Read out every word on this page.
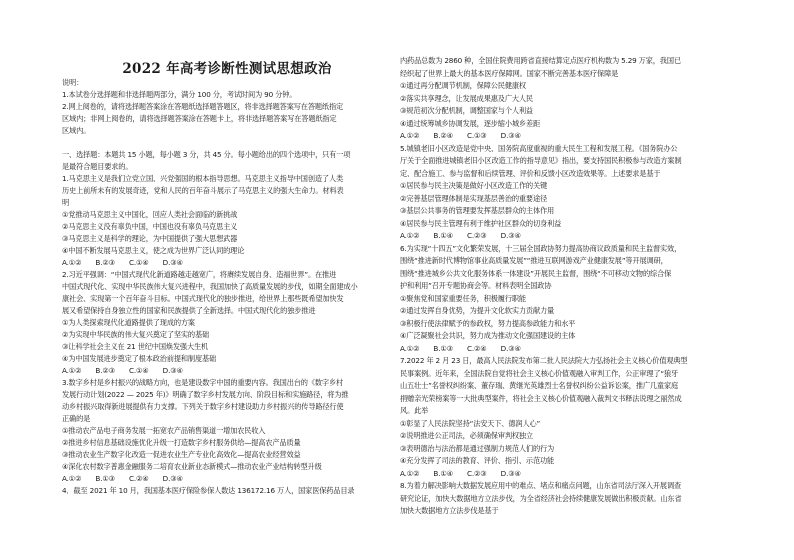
2022 年高考诊断性测试思想政治
说明：
1.本试卷分选择题和非选择题两部分，满分 100 分，考试时间为 90 分钟。
2.网上阅卷的，请将选择题答案涂在答题纸选择题答题区，将非选择题答案写在答题纸指定
区域内；非网上阅卷的，请将选择题答案涂在答题卡上，将非选择题答案写在答题纸指定
区域内。
一、选择题：本题共 15 小题，每小题 3 分，共 45 分。每小题给出的四个选项中，只有一项
是最符合题目要求的。
1.马克思主义是我们立党立国、兴党强国的根本指导思想。马克思主义指导中国创造了人类
历史上前所未有的发展奇迹，党和人民的百年奋斗展示了马克思主义的强大生命力。材料表
明
①党推动马克思主义中国化，回应人类社会面临的新挑战
②马克思主义没有辜负中国，中国也没有辜负马克思主义
③马克思主义是科学的理论，为中国提供了强大思想武器
④中国不断发展马克思主义，使之成为世界广泛认同的理论
A.①②　　B.②③　　C.①④　　D.③④
2.习近平强调：“中国式现代化新道路越走越宽广，将赓续发展自身、造福世界”。在推进
中国式现代化、实现中华民族伟大复兴进程中，我国加快了高质量发展的步伐，如期全面建成小
康社会、实现第一个百年奋斗目标。中国式现代化的独步推进，给世界上那些既希望加快发
展又希望保持自身独立性的国家和民族提供了全新选择。中国式现代化的独步推进
①为人类探索现代化道路提供了现成的方案
②为实现中华民族的伟大复兴奠定了坚实的基础
③让科学社会主义在 21 世纪中国焕发强大生机
④为中国发展进步奠定了根本政治前提和制度基础
A.①②　　B.②③　　C.①④　　D.③④
3.数字乡村是乡村振兴的战略方向，也是建设数字中国的重要内容。我国出台的《数字乡村
发展行动计划(2022 — 2025 年)》明确了数字乡村发展方向、阶段目标和实施路径，将为推
动乡村振兴取得新进展提供有力支撑。下列关于数字乡村建设助力乡村振兴的传导路径行使
正确的是
①推动农产品电子商务发展一拓宽农产品销售渠道一增加农民收入
②推进乡村信息基础设施优化升级一打造数字乡村服务供给—提高农产品质量
③推动农业生产数字化改造一促进农业生产专业化高效化—提高农业经营效益
④深化农村数字普惠金融服务二培育农业新业态新模式—推动农业产业结构转型升级
A.①②　　B.①③　　C.②④　　D.③④
4．截至 2021 年 10 月，我国基本医疗保险参保人数达 136172.16 万人，国家医保药品目录
内药品总数为 2860 种，全国住院费用跨省直接结算定点医疗机构数为 5.29 万家，我国已
经织起了世界上最大的基本医疗保障网。国家不断完善基本医疗保障是
①通过再分配调节机制，保障公民健康权
②落实共享理念，让发展成果惠及广大人民
③规范初次分配机制，调整国家与个人利益
④通过统筹城乡协调发展，逐步缩小城乡差距
A.①②　　B.②④　　C.①③　　D.③④
5.城镇老旧小区改造是党中央、国务院高度重视的重大民生工程和发展工程。《国务院办公
厅关于全面推进城镇老旧小区改造工作的指导意见》指出，要支持国民积极参与改造方案制
定、配合施工、参与监督和后续管理、评价和反馈小区改造效果等。上述要求是基于
①居民参与民主决策是做好小区改造工作的关键
②完善基层管理体制是实现基层善治的重要途径
③基层公共事务的管理要发挥基层群众的主体作用
④居民参与民主管理有利于维护社区群众的切身利益
A.①②　　B.①④　　C.②③　　D.③④
6.为实现“十四五”文化繁荣发展，十三届全国政协努力提高协商议政质量和民主监督实效，
围绕“推进新时代博物馆事业高质量发展”“推进互联网游戏产业健康发展”等开展调研，
围绕“推进城乡公共文化服务体系一体建设”开展民主监督，围绕“不可移动文物的综合保
护和利用”召开专题协商会等。材料表明全国政协
①聚焦党和国家重要任务，积极履行职能
②通过发挥自身优势，为提升文化软实力贡献力量
③积极行使法律赋予的参政权，努力提高参政能力和水平
④广泛凝聚社会共识，努力成为推动文化强国建设的主体
A.①②　　B.①③　　C.②④　　D.③④
7.2022 年 2 月 23 日，最高人民法院发布第二批人民法院大力弘扬社会主义核心价值观典型
民事案例。近年来，全国法院自觉将社会主义核心价值观融入审判工作，公正审理了“狼牙
山五壮士”名誉权纠纷案、董存瑞、黄继光英雄烈士名誉权纠纷公益诉讼案，推广几童家庭
捐赠亲光荣榜案等一大批典型案件，将社会主义核心价值观融入裁判文书释法说理之丽然成
风。此举
①彰显了人民法院坚持“法安天下、德润人心”
②说明推进公正司法，必须确保审判权独立
③表明德治与法治都是通过强制力规范人们的行为
④充分发挥了司法的教育、评价、指引、示范功能
A.①②　　B.①④　　C.②③　　D.③④
8.为着力解决影响大数据发展应用中的难点、堵点和痛点问题，山东省司法厅深入开展调查
研究论证，加快大数据地方立法步伐，为全省经济社会持续健康发展做出积极贡献。山东省
加快大数据地方立法步伐是基于
